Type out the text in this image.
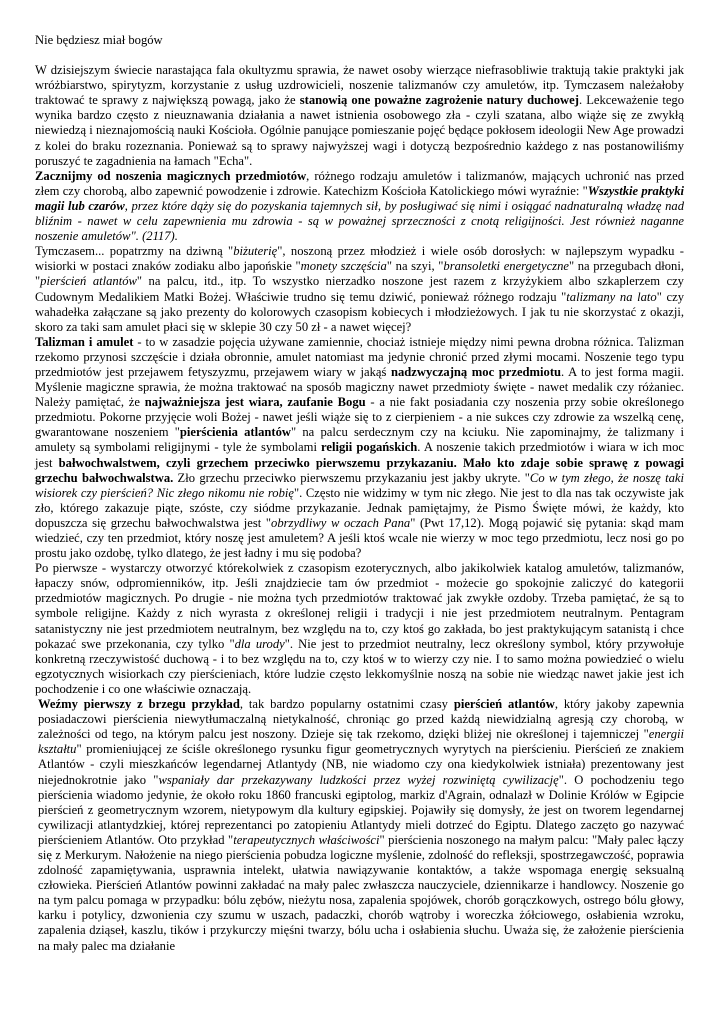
Nie będziesz miał bogów

W dzisiejszym świecie narastająca fala okultyzmu sprawia, że nawet osoby wierzące niefrasobliwie traktują takie praktyki jak wróżbiarstwo, spirytyzm, korzystanie z usług uzdrowicieli, noszenie talizmanów czy amuletów, itp. Tymczasem należałoby traktować te sprawy z największą powagą, jako że stanowią one poważne zagrożenie natury duchowej. Lekceważenie tego wynika bardzo często z nieuznawania działania a nawet istnienia osobowego zła - czyli szatana, albo wiąże się ze zwykłą niewiedzą i nieznajomością nauki Kościoła. Ogólnie panujące pomieszanie pojęć będące pokłosem ideologii New Age prowadzi z kolei do braku rozeznania. Ponieważ są to sprawy najwyższej wagi i dotyczą bezpośrednio każdego z nas postanowiliśmy poruszyć te zagadnienia na łamach "Echa".

Zacznijmy od noszenia magicznych przedmiotów, różnego rodzaju amuletów i talizmanów, mających uchronić nas przed złem czy chorobą, albo zapewnić powodzenie i zdrowie. Katechizm Kościoła Katolickiego mówi wyraźnie: "Wszystkie praktyki magii lub czarów, przez które dąży się do pozyskania tajemnych sił, by posługiwać się nimi i osiągać nadnaturalną władzę nad bliźnim - nawet w celu zapewnienia mu zdrowia - są w poważnej sprzeczności z cnotą religijności. Jest również naganne noszenie amuletów". (2117).

Tymczasem... popatrzmy na dziwną "biżuterię", noszoną przez młodzież i wiele osób dorosłych: w najlepszym wypadku - wisiorki w postaci znaków zodiaku albo japońskie "monety szczęścia" na szyi, "bransoletki energetyczne" na przegubach dłoni, "pierścień atlantów" na palcu, itd., itp. To wszystko nierzadko noszone jest razem z krzyżykiem albo szkaplerzem czy Cudownym Medalikiem Matki Bożej. Właściwie trudno się temu dziwić, ponieważ różnego rodzaju "talizmany na lato" czy wahadełka załączane są jako prezenty do kolorowych czasopism kobiecych i młodzieżowych. I jak tu nie skorzystać z okazji, skoro za taki sam amulet płaci się w sklepie 30 czy 50 zł - a nawet więcej?

Talizman i amulet - to w zasadzie pojęcia używane zamiennie, chociaż istnieje między nimi pewna drobna różnica. Talizman rzekomo przynosi szczęście i działa obronnie, amulet natomiast ma jedynie chronić przed złymi mocami. Noszenie tego typu przedmiotów jest przejawem fetyszyzmu, przejawem wiary w jakąś nadzwyczajną moc przedmiotu. A to jest forma magii. Myślenie magiczne sprawia, że można traktować na sposób magiczny nawet przedmioty święte - nawet medalik czy różaniec. Należy pamiętać, że najważniejsza jest wiara, zaufanie Bogu - a nie fakt posiadania czy noszenia przy sobie określonego przedmiotu. Pokorne przyjęcie woli Bożej - nawet jeśli wiąże się to z cierpieniem - a nie sukces czy zdrowie za wszelką cenę, gwarantowane noszeniem "pierścienia atlantów" na palcu serdecznym czy na kciuku. Nie zapominajmy, że talizmany i amulety są symbolami religijnymi - tyle że symbolami religii pogańskich. A noszenie takich przedmiotów i wiara w ich moc jest bałwochwalstwem, czyli grzechem przeciwko pierwszemu przykazaniu. Mało kto zdaje sobie sprawę z powagi grzechu bałwochwalstwa. Zło grzechu przeciwko pierwszemu przykazaniu jest jakby ukryte. "Co w tym złego, że noszę taki wisiorek czy pierścień? Nic złego nikomu nie robię". Często nie widzimy w tym nic złego. Nie jest to dla nas tak oczywiste jak zło, którego zakazuje piąte, szóste, czy siódme przykazanie. Jednak pamiętajmy, że Pismo Święte mówi, że każdy, kto dopuszcza się grzechu bałwochwalstwa jest "obrzydliwy w oczach Pana" (Pwt 17,12). Mogą pojawić się pytania: skąd mam wiedzieć, czy ten przedmiot, który noszę jest amuletem? A jeśli ktoś wcale nie wierzy w moc tego przedmiotu, lecz nosi go po prostu jako ozdobę, tylko dlatego, że jest ładny i mu się podoba?

Po pierwsze - wystarczy otworzyć którekolwiek z czasopism ezoterycznych, albo jakikolwiek katalog amuletów, talizmanów, łapaczy snów, odpromienników, itp. Jeśli znajdziecie tam ów przedmiot - możecie go spokojnie zaliczyć do kategorii przedmiotów magicznych. Po drugie - nie można tych przedmiotów traktować jak zwykłe ozdoby. Trzeba pamiętać, że są to symbole religijne. Każdy z nich wyrasta z określonej religii i tradycji i nie jest przedmiotem neutralnym. Pentagram satanistyczny nie jest przedmiotem neutralnym, bez względu na to, czy ktoś go zakłada, bo jest praktykującym satanistą i chce pokazać swe przekonania, czy tylko "dla urody". Nie jest to przedmiot neutralny, lecz określony symbol, który przywołuje konkretną rzeczywistość duchową - i to bez względu na to, czy ktoś w to wierzy czy nie. I to samo można powiedzieć o wielu egzotycznych wisiorkach czy pierścieniach, które ludzie często lekkomyślnie noszą na sobie nie wiedząc nawet jakie jest ich pochodzenie i co one właściwie oznaczają.

Weźmy pierwszy z brzegu przykład, tak bardzo popularny ostatnimi czasy pierścień atlantów, który jakoby zapewnia posiadaczowi pierścienia niewytłumaczalną nietykalność, chroniąc go przed każdą niewidzialną agresją czy chorobą, w zależności od tego, na którym palcu jest noszony. Dzieje się tak rzekomo, dzięki bliżej nie określonej i tajemniczej "energii kształtu" promieniującej ze ściśle określonego rysunku figur geometrycznych wyrytych na pierścieniu. Pierścień ze znakiem Atlantów - czyli mieszkańców legendarnej Atlantydy (NB, nie wiadomo czy ona kiedykolwiek istniała) prezentowany jest niejednokrotnie jako "wspaniały dar przekazywany ludzkości przez wyżej rozwiniętą cywilizację". O pochodzeniu tego pierścienia wiadomo jedynie, że około roku 1860 francuski egiptolog, markiz d'Agrain, odnalazł w Dolinie Królów w Egipcie pierścień z geometrycznym wzorem, nietypowym dla kultury egipskiej. Pojawiły się domysły, że jest on tworem legendarnej cywilizacji atlantydzkiej, której reprezentanci po zatopieniu Atlantydy mieli dotrzeć do Egiptu. Dlatego zaczęto go nazywać pierścieniem Atlantów. Oto przykład "terapeutycznych właściwości" pierścienia noszonego na małym palcu: "Mały palec łączy się z Merkurym. Nałożenie na niego pierścienia pobudza logiczne myślenie, zdolność do refleksji, spostrzegawczość, poprawia zdolność zapamiętywania, usprawnia intelekt, ułatwia nawiązywanie kontaktów, a także wspomaga energię seksualną człowieka. Pierścień Atlantów powinni zakładać na mały palec zwłaszcza nauczyciele, dziennikarze i handlowcy. Noszenie go na tym palcu pomaga w przypadku: bólu zębów, nieżytu nosa, zapalenia spojówek, chorób gorączkowych, ostrego bólu głowy, karku i potylicy, dzwonienia czy szumu w uszach, padaczki, chorób wątroby i woreczka żółciowego, osłabienia wzroku, zapalenia dziąseł, kaszlu, tików i przykurczy mięśni twarzy, bólu ucha i osłabienia słuchu. Uważa się, że założenie pierścienia na mały palec ma działanie
